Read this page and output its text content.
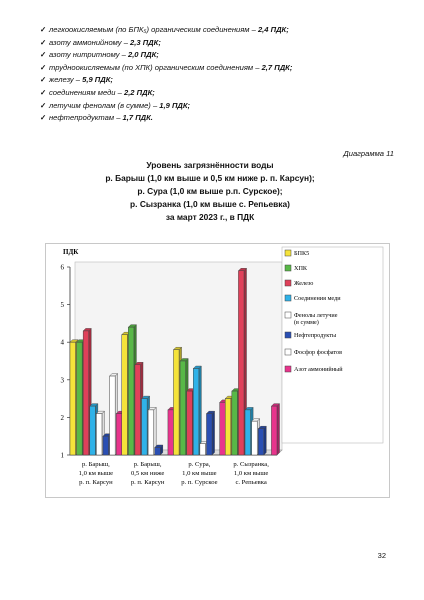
✓ легкоокисляемым (по БПК₅) органическим соединениям – 2,4 ПДК;
✓ азоту аммонийному – 2,3 ПДК;
✓ азоту нитритному – 2,0 ПДК;
✓ трудноокисляемым (по ХПК) органическим соединениям – 2,7 ПДК;
✓ железу – 5,9 ПДК;
✓ соединениям меди – 2,2 ПДК;
✓ летучим фенолам (в сумме) – 1,9 ПДК;
✓ нефтепродуктам – 1,7 ПДК.
Диаграмма 11
Уровень загрязнённости воды
р. Барыш (1,0 км выше и 0,5 км ниже р. п. Карсун);
р. Сура (1,0 км выше р.п. Сурское);
р. Сызранка (1,0 км выше с. Репьевка)
за март 2023 г., в ПДК
ПДК
1
2
3
4
5
6
р. Барыш,
1,0 км выше
р. п. Карсун
р. Барыш,
0,5 км ниже
р. п. Карсун
р. Сура,
1,0 км выше
р. п. Сурское
р. Сызранка,
1,0 км выше
с. Репьевка
БПК5
ХПК
Железо
Соединения меди
Фенолы летучие (в сумме)
Нефтепродукты
Фосфор фосфатов
Азот аммонийный
32
